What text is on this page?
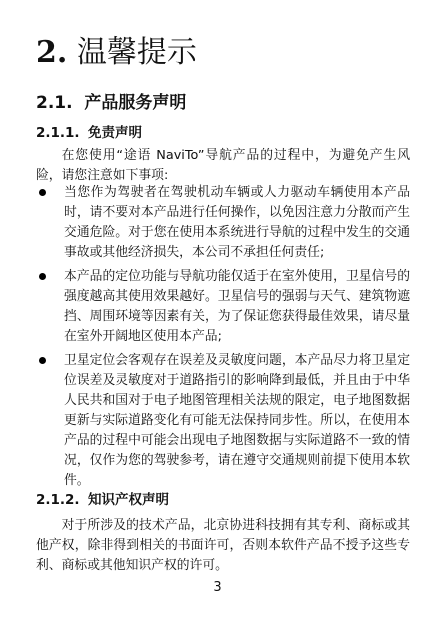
2. 温馨提示
2.1.  产品服务声明
2.1.1. 免责声明
在您使用“途语 NaviTo”导航产品的过程中，为避免产生风险，请您注意如下事项:
当您作为驾驶者在驾驶机动车辆或人力驱动车辆使用本产品时，请不要对本产品进行任何操作，以免因注意力分散而产生交通危险。对于您在使用本系统进行导航的过程中发生的交通事故或其他经济损失，本公司不承担任何责任;
本产品的定位功能与导航功能仅适于在室外使用，卫星信号的强度越高其使用效果越好。卫星信号的强弱与天气、建筑物遮挡、周围环境等因素有关，为了保证您获得最佳效果，请尽量在室外开阔地区使用本产品;
卫星定位会客观存在误差及灵敏度问题，本产品尽力将卫星定位误差及灵敏度对于道路指引的影响降到最低，并且由于中华人民共和国对于电子地图管理相关法规的限定，电子地图数据更新与实际道路变化有可能无法保持同步性。所以，在使用本产品的过程中可能会出现电子地图数据与实际道路不一致的情况，仅作为您的驾驶参考，请在遵守交通规则前提下使用本软件。
2.1.2. 知识产权声明
对于所涉及的技术产品，北京协进科技拥有其专利、商标或其他产权，除非得到相关的书面许可，否则本软件产品不授予这些专利、商标或其他知识产权的许可。
3
